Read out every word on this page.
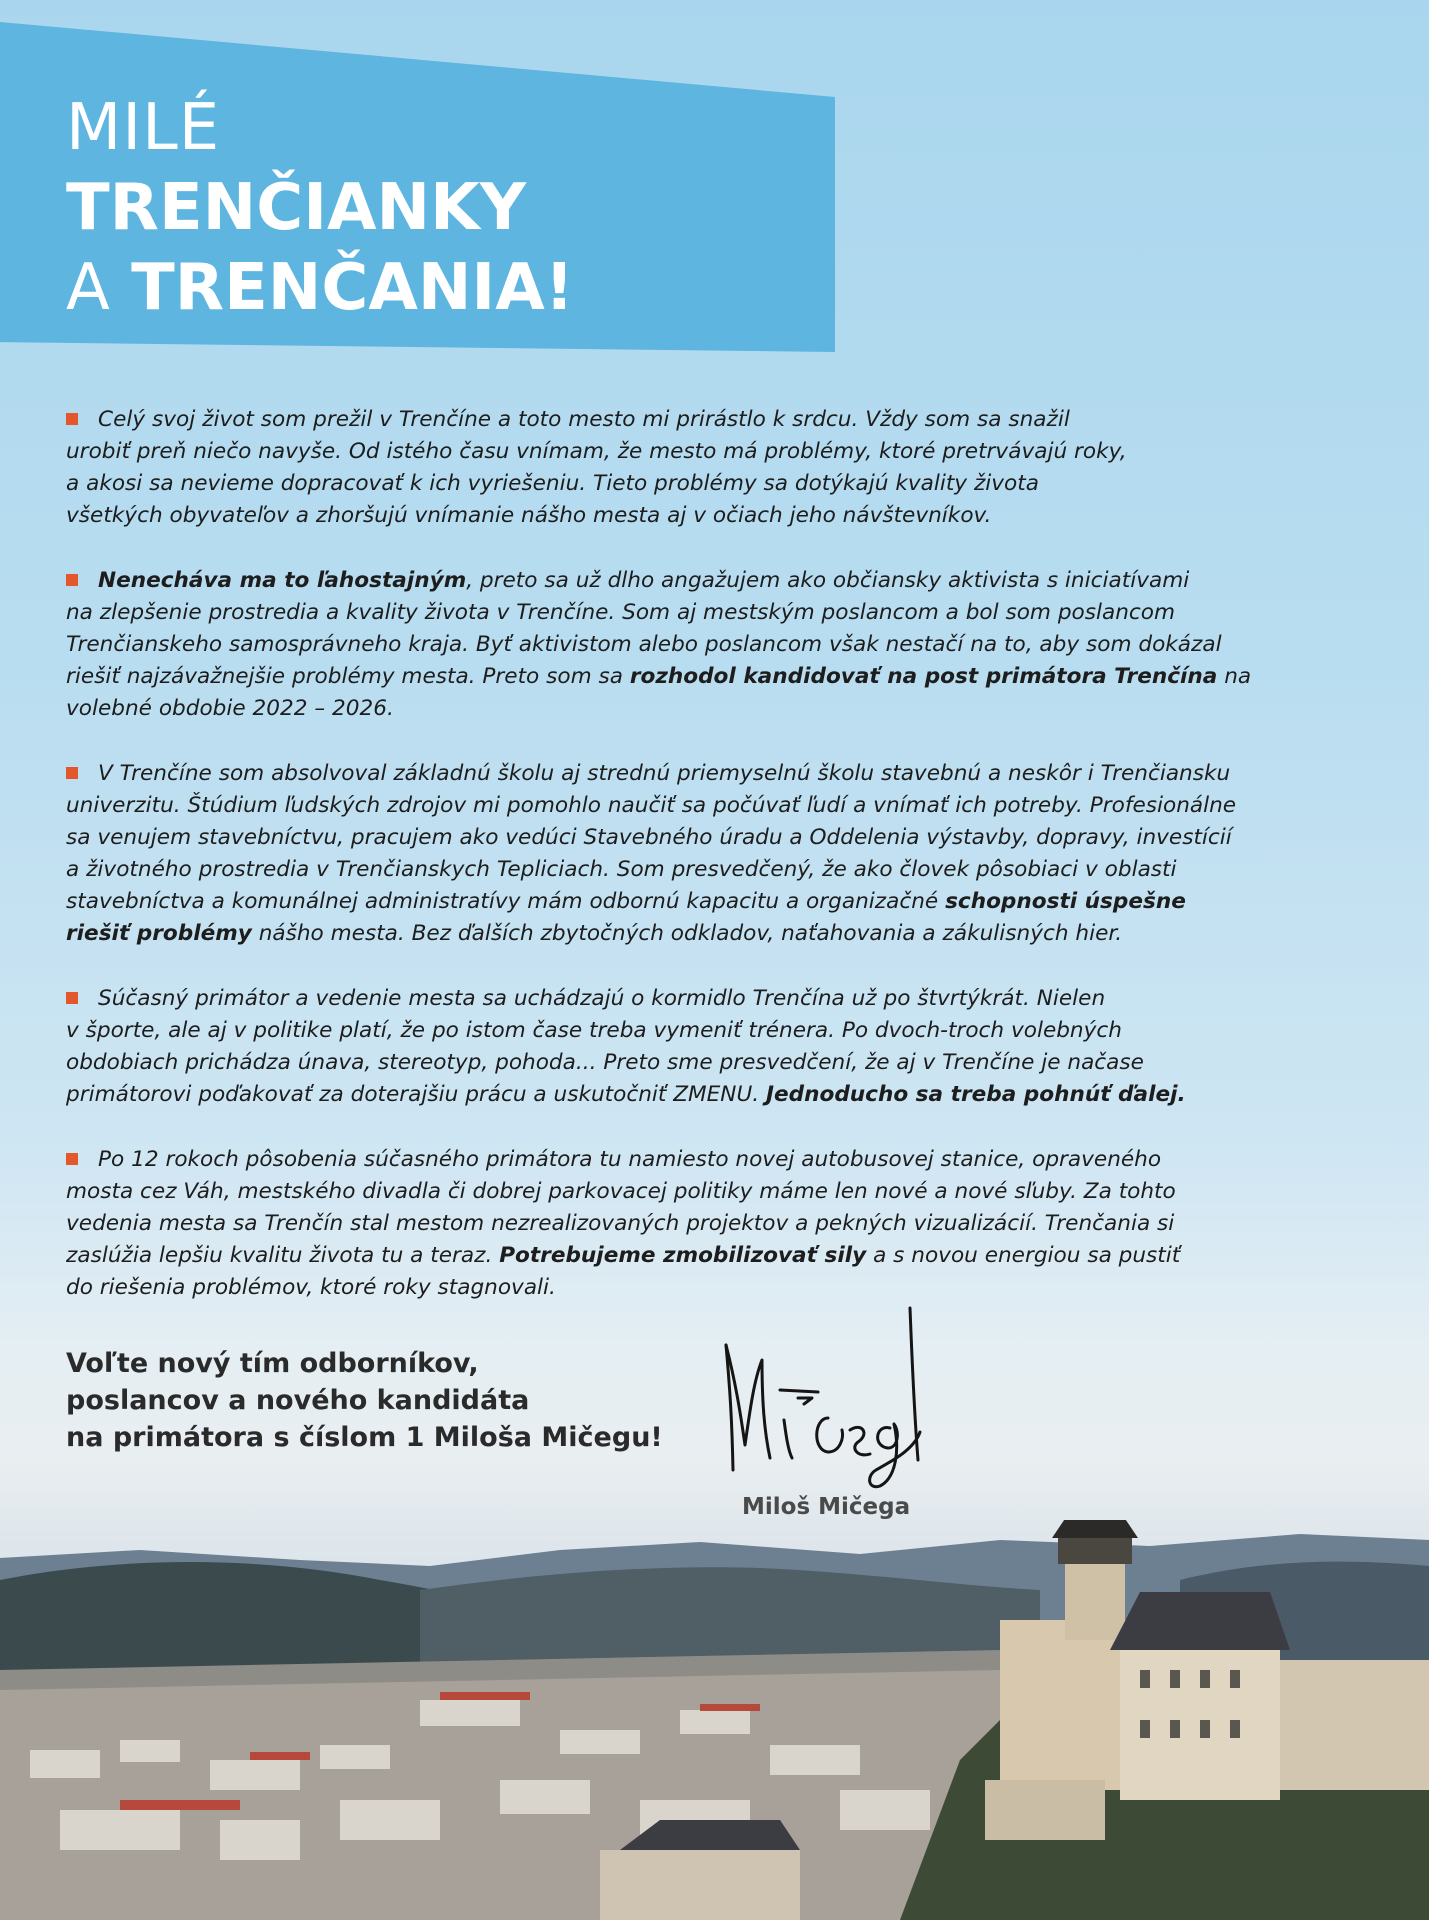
MILÉ
TRENČIANKY
A TRENČANIA!

Celý svoj život som prežil v Trenčíne a toto mesto mi prirástlo k srdcu. Vždy som sa snažil
urobiť preň niečo navyše. Od istého času vnímam, že mesto má problémy, ktoré pretrvávajú roky,
a akosi sa nevieme dopracovať k ich vyriešeniu. Tieto problémy sa dotýkajú kvality života
všetkých obyvateľov a zhoršujú vnímanie nášho mesta aj v očiach jeho návštevníkov.

Nenecháva ma to ľahostajným, preto sa už dlho angažujem ako občiansky aktivista s iniciatívami
na zlepšenie prostredia a kvality života v Trenčíne. Som aj mestským poslancom a bol som poslancom
Trenčianskeho samosprávneho kraja. Byť aktivistom alebo poslancom však nestačí na to, aby som dokázal
riešiť najzávažnejšie problémy mesta. Preto som sa rozhodol kandidovať na post primátora Trenčína na
volebné obdobie 2022 – 2026.

V Trenčíne som absolvoval základnú školu aj strednú priemyselnú školu stavebnú a neskôr i Trenčiansku
univerzitu. Štúdium ľudských zdrojov mi pomohlo naučiť sa počúvať ľudí a vnímať ich potreby. Profesionálne
sa venujem stavebníctvu, pracujem ako vedúci Stavebného úradu a Oddelenia výstavby, dopravy, investícií
a životného prostredia v Trenčianskych Tepliciach. Som presvedčený, že ako človek pôsobiaci v oblasti
stavebníctva a komunálnej administratívy mám odbornú kapacitu a organizačné schopnosti úspešne
riešiť problémy nášho mesta. Bez ďalších zbytočných odkladov, naťahovania a zákulisných hier.

Súčasný primátor a vedenie mesta sa uchádzajú o kormidlo Trenčína už po štvrtýkrát. Nielen
v športe, ale aj v politike platí, že po istom čase treba vymeniť trénera. Po dvoch-troch volebných
obdobiach prichádza únava, stereotyp, pohoda... Preto sme presvedčení, že aj v Trenčíne je načase
primátorovi poďakovať za doterajšiu prácu a uskutočniť ZMENU. Jednoducho sa treba pohnúť ďalej.

Po 12 rokoch pôsobenia súčasného primátora tu namiesto novej autobusovej stanice, opraveného
mosta cez Váh, mestského divadla či dobrej parkovacej politiky máme len nové a nové sľuby. Za tohto
vedenia mesta sa Trenčín stal mestom nezrealizovaných projektov a pekných vizualizácií. Trenčania si
zaslúžia lepšiu kvalitu života tu a teraz. Potrebujeme zmobilizovať sily a s novou energiou sa pustiť
do riešenia problémov, ktoré roky stagnovali.

Voľte nový tím odborníkov,
poslancov a nového kandidáta
na primátora s číslom 1 Miloša Mičegu!
Miloš Mičega
